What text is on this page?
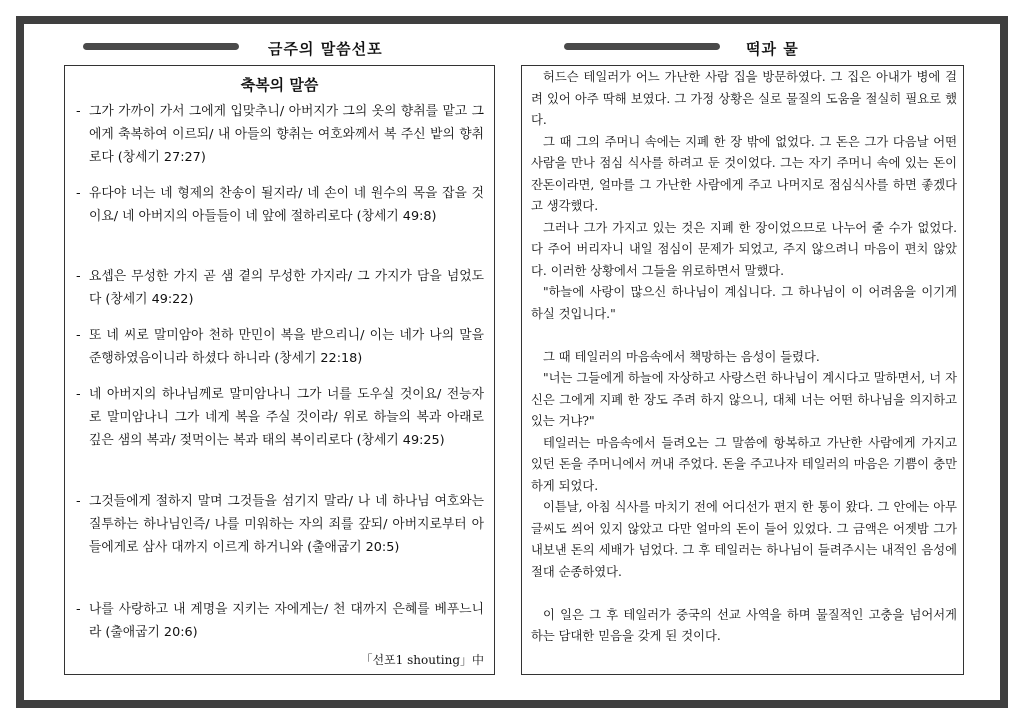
금주의 말씀선포	떡과 물
축복의 말씀
- 그가 가까이 가서 그에게 입맞추니/ 아버지가 그의 옷의 향취를 맡고 그에게 축복하여 이르되/ 내 아들의 향취는 여호와께서 복 주신 밭의 향취로다 (창세기 27:27)
- 유다야 너는 네 형제의 찬송이 될지라/ 네 손이 네 원수의 목을 잡을 것이요/ 네 아버지의 아들들이 네 앞에 절하리로다 (창세기 49:8)
- 요셉은 무성한 가지 곧 샘 곁의 무성한 가지라/ 그 가지가 담을 넘었도다 (창세기 49:22)
- 또 네 씨로 말미암아 천하 만민이 복을 받으리니/ 이는 네가 나의 말을 준행하였음이니라 하셨다 하니라 (창세기 22:18)
- 네 아버지의 하나님께로 말미암나니 그가 너를 도우실 것이요/ 전능자로 말미암나니 그가 네게 복을 주실 것이라/ 위로 하늘의 복과 아래로 깊은 샘의 복과/ 젖먹이는 복과 태의 복이리로다 (창세기 49:25)
- 그것들에게 절하지 말며 그것들을 섬기지 말라/ 나 네 하나님 여호와는 질투하는 하나님인즉/ 나를 미워하는 자의 죄를 갚되/ 아버지로부터 아들에게로 삼사 대까지 이르게 하거니와 (출애굽기 20:5)
- 나를 사랑하고 내 계명을 지키는 자에게는/ 천 대까지 은혜를 베푸느니라 (출애굽기 20:6)
「선포1 shouting」中

허드슨 테일러가 어느 가난한 사람 집을 방문하였다. 그 집은 아내가 병에 걸려 있어 아주 딱해 보였다. 그 가정 상황은 실로 물질의 도움을 절실히 필요로 했다.

그 때 그의 주머니 속에는 지폐 한 장 밖에 없었다. 그 돈은 그가 다음날 어떤 사람을 만나 점심 식사를 하려고 둔 것이었다. 그는 자기 주머니 속에 있는 돈이 잔돈이라면, 얼마를 그 가난한 사람에게 주고 나머지로 점심식사를 하면 좋겠다고 생각했다.

그러나 그가 가지고 있는 것은 지폐 한 장이었으므로 나누어 줄 수가 없었다. 다 주어 버리자니 내일 점심이 문제가 되었고, 주지 않으려니 마음이 편치 않았다. 이러한 상황에서 그들을 위로하면서 말했다.

"하늘에 사랑이 많으신 하나님이 계십니다. 그 하나님이 이 어려움을 이기게 하실 것입니다."

그 때 테일러의 마음속에서 책망하는 음성이 들렸다.

"너는 그들에게 하늘에 자상하고 사랑스런 하나님이 계시다고 말하면서, 너 자신은 그에게 지폐 한 장도 주려 하지 않으니, 대체 너는 어떤 하나님을 의지하고 있는 거냐?"

테일러는 마음속에서 들려오는 그 말씀에 항복하고 가난한 사람에게 가지고 있던 돈을 주머니에서 꺼내 주었다. 돈을 주고나자 테일러의 마음은 기쁨이 충만하게 되었다.

이튿날, 아침 식사를 마치기 전에 어디선가 편지 한 통이 왔다. 그 안에는 아무 글씨도 씌어 있지 않았고 다만 얼마의 돈이 들어 있었다. 그 금액은 어젯밤 그가 내보낸 돈의 세배가 넘었다. 그 후 테일러는 하나님이 들려주시는 내적인 음성에 절대 순종하였다.

이 일은 그 후 테일러가 중국의 선교 사역을 하며 물질적인 고충을 넘어서게 하는 담대한 믿음을 갖게 된 것이다.
